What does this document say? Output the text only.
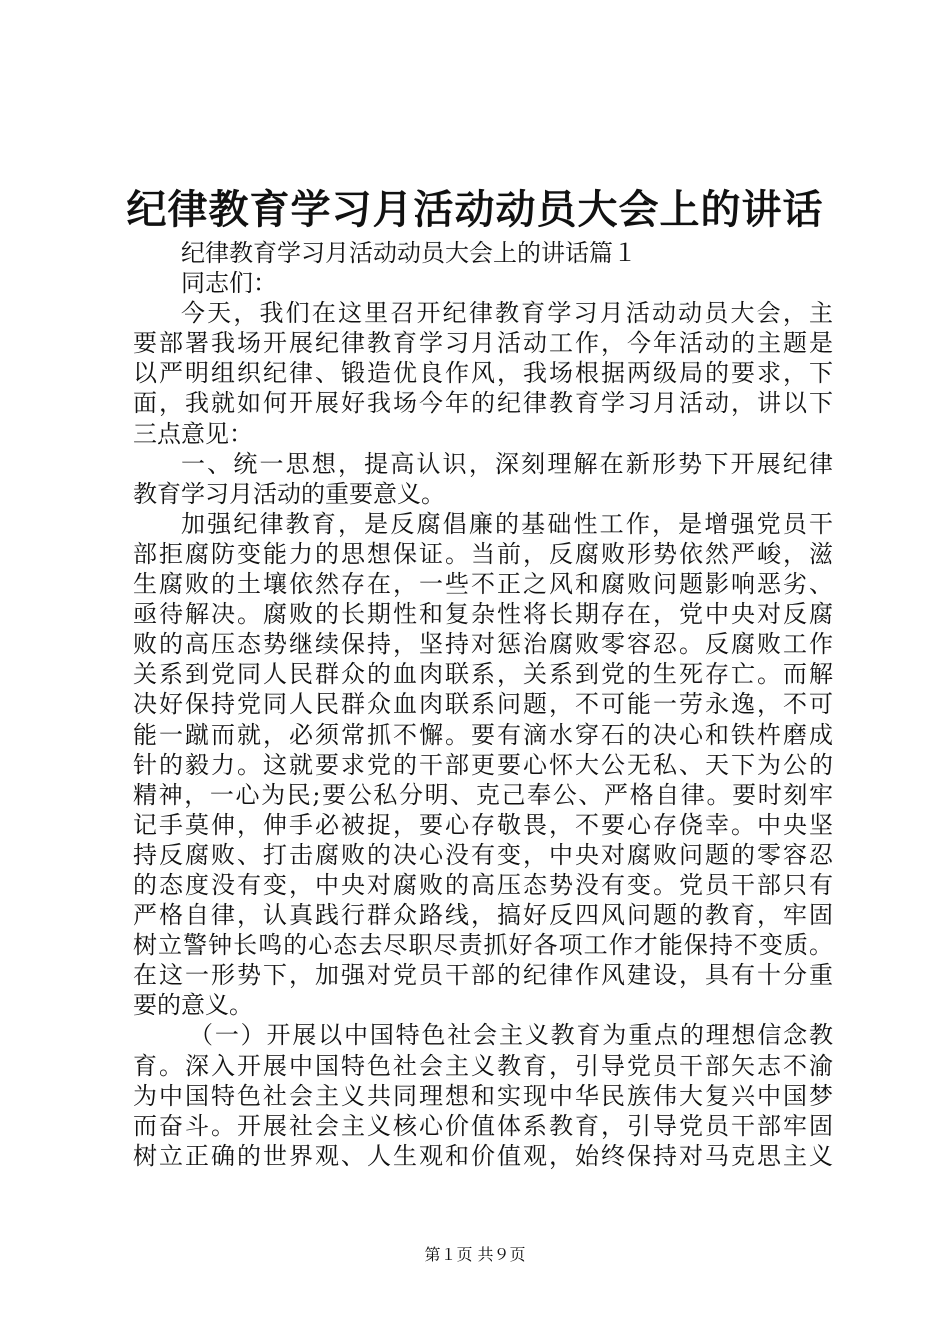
纪律教育学习月活动动员大会上的讲话
纪律教育学习月活动动员大会上的讲话篇１
同志们：
今天，我们在这里召开纪律教育学习月活动动员大会，主
要部署我场开展纪律教育学习月活动工作，今年活动的主题是
以严明组织纪律、锻造优良作风，我场根据两级局的要求，下
面，我就如何开展好我场今年的纪律教育学习月活动，讲以下
三点意见：
一、统一思想，提高认识，深刻理解在新形势下开展纪律
教育学习月活动的重要意义。
加强纪律教育，是反腐倡廉的基础性工作，是增强党员干
部拒腐防变能力的思想保证。当前，反腐败形势依然严峻，滋
生腐败的土壤依然存在，一些不正之风和腐败问题影响恶劣、
亟待解决。腐败的长期性和复杂性将长期存在，党中央对反腐
败的高压态势继续保持，坚持对惩治腐败零容忍。反腐败工作
关系到党同人民群众的血肉联系，关系到党的生死存亡。而解
决好保持党同人民群众血肉联系问题，不可能一劳永逸，不可
能一蹴而就，必须常抓不懈。要有滴水穿石的决心和铁杵磨成
针的毅力。这就要求党的干部更要心怀大公无私、天下为公的
精神，一心为民;要公私分明、克己奉公、严格自律。要时刻牢
记手莫伸，伸手必被捉，要心存敬畏，不要心存侥幸。中央坚
持反腐败、打击腐败的决心没有变，中央对腐败问题的零容忍
的态度没有变，中央对腐败的高压态势没有变。党员干部只有
严格自律，认真践行群众路线，搞好反四风问题的教育，牢固
树立警钟长鸣的心态去尽职尽责抓好各项工作才能保持不变质。
在这一形势下，加强对党员干部的纪律作风建设，具有十分重
要的意义。
（一）开展以中国特色社会主义教育为重点的理想信念教
育。深入开展中国特色社会主义教育，引导党员干部矢志不渝
为中国特色社会主义共同理想和实现中华民族伟大复兴中国梦
而奋斗。开展社会主义核心价值体系教育，引导党员干部牢固
树立正确的世界观、人生观和价值观，始终保持对马克思主义
第１页 共９页
